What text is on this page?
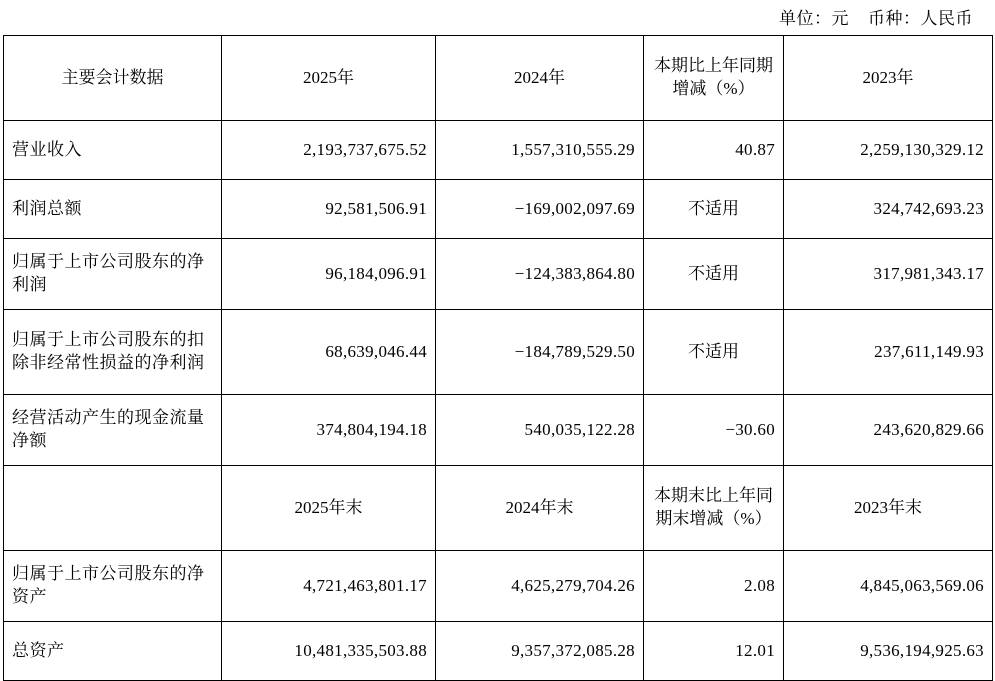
单位：元    币种：人民币
主要会计数据	2025年	2024年	本期比上年同期增减（%）	2023年
营业收入	2,193,737,675.52	1,557,310,555.29	40.87	2,259,130,329.12
利润总额	92,581,506.91	−169,002,097.69	不适用	324,742,693.23
归属于上市公司股东的净利润	96,184,096.91	−124,383,864.80	不适用	317,981,343.17
归属于上市公司股东的扣除非经常性损益的净利润	68,639,046.44	−184,789,529.50	不适用	237,611,149.93
经营活动产生的现金流量净额	374,804,194.18	540,035,122.28	−30.60	243,620,829.66
	2025年末	2024年末	本期末比上年同期末增减（%）	2023年末
归属于上市公司股东的净资产	4,721,463,801.17	4,625,279,704.26	2.08	4,845,063,569.06
总资产	10,481,335,503.88	9,357,372,085.28	12.01	9,536,194,925.63
